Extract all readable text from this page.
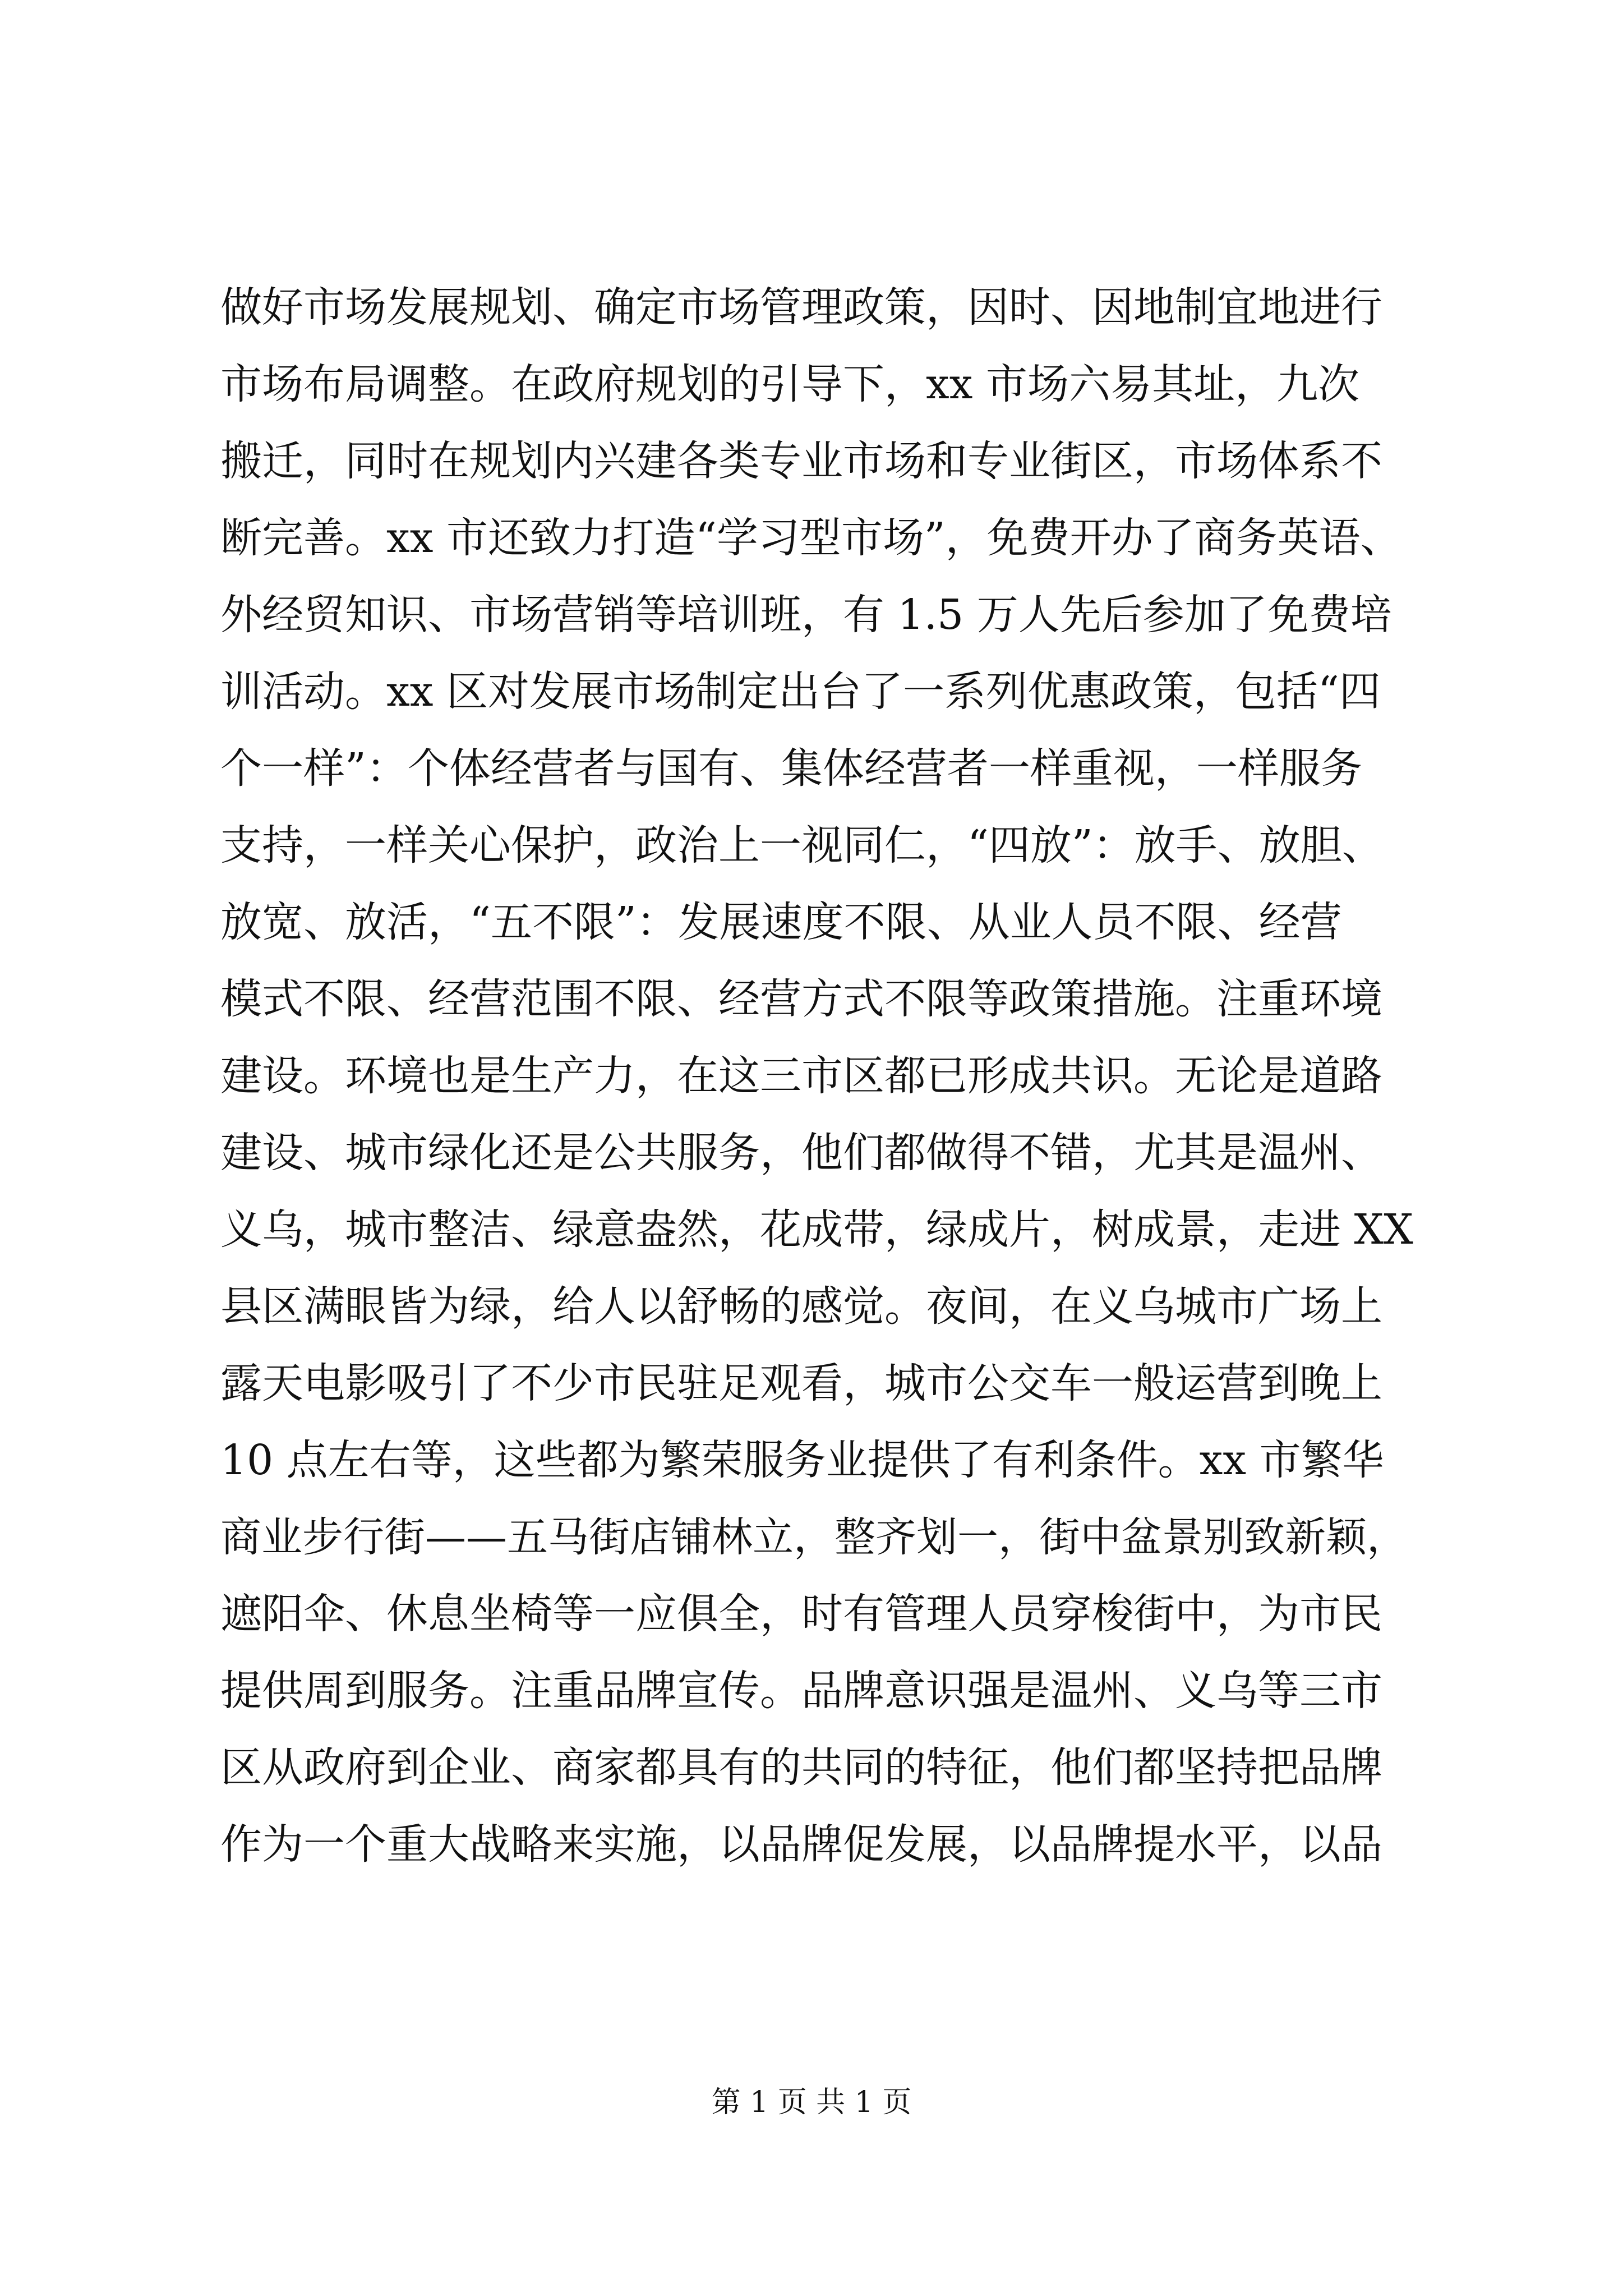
做好市场发展规划、确定市场管理政策，因时、因地制宜地进行
市场布局调整。在政府规划的引导下，xx 市场六易其址，九次
搬迁，同时在规划内兴建各类专业市场和专业街区，市场体系不
断完善。xx 市还致力打造“学习型市场”，免费开办了商务英语、
外经贸知识、市场营销等培训班，有 1.5 万人先后参加了免费培
训活动。xx 区对发展市场制定出台了一系列优惠政策，包括“四
个一样”：个体经营者与国有、集体经营者一样重视，一样服务
支持，一样关心保护，政治上一视同仁，“四放”：放手、放胆、
放宽、放活，“五不限”：发展速度不限、从业人员不限、经营
模式不限、经营范围不限、经营方式不限等政策措施。注重环境
建设。环境也是生产力，在这三市区都已形成共识。无论是道路
建设、城市绿化还是公共服务，他们都做得不错，尤其是温州、
义乌，城市整洁、绿意盎然，花成带，绿成片，树成景，走进 XX
县区满眼皆为绿，给人以舒畅的感觉。夜间，在义乌城市广场上
露天电影吸引了不少市民驻足观看，城市公交车一般运营到晚上
10 点左右等，这些都为繁荣服务业提供了有利条件。xx 市繁华
商业步行街——五马街店铺林立，整齐划一，街中盆景别致新颖，
遮阳伞、休息坐椅等一应俱全，时有管理人员穿梭街中，为市民
提供周到服务。注重品牌宣传。品牌意识强是温州、义乌等三市
区从政府到企业、商家都具有的共同的特征，他们都坚持把品牌
作为一个重大战略来实施，以品牌促发展，以品牌提水平，以品
第 1 页 共 1 页
